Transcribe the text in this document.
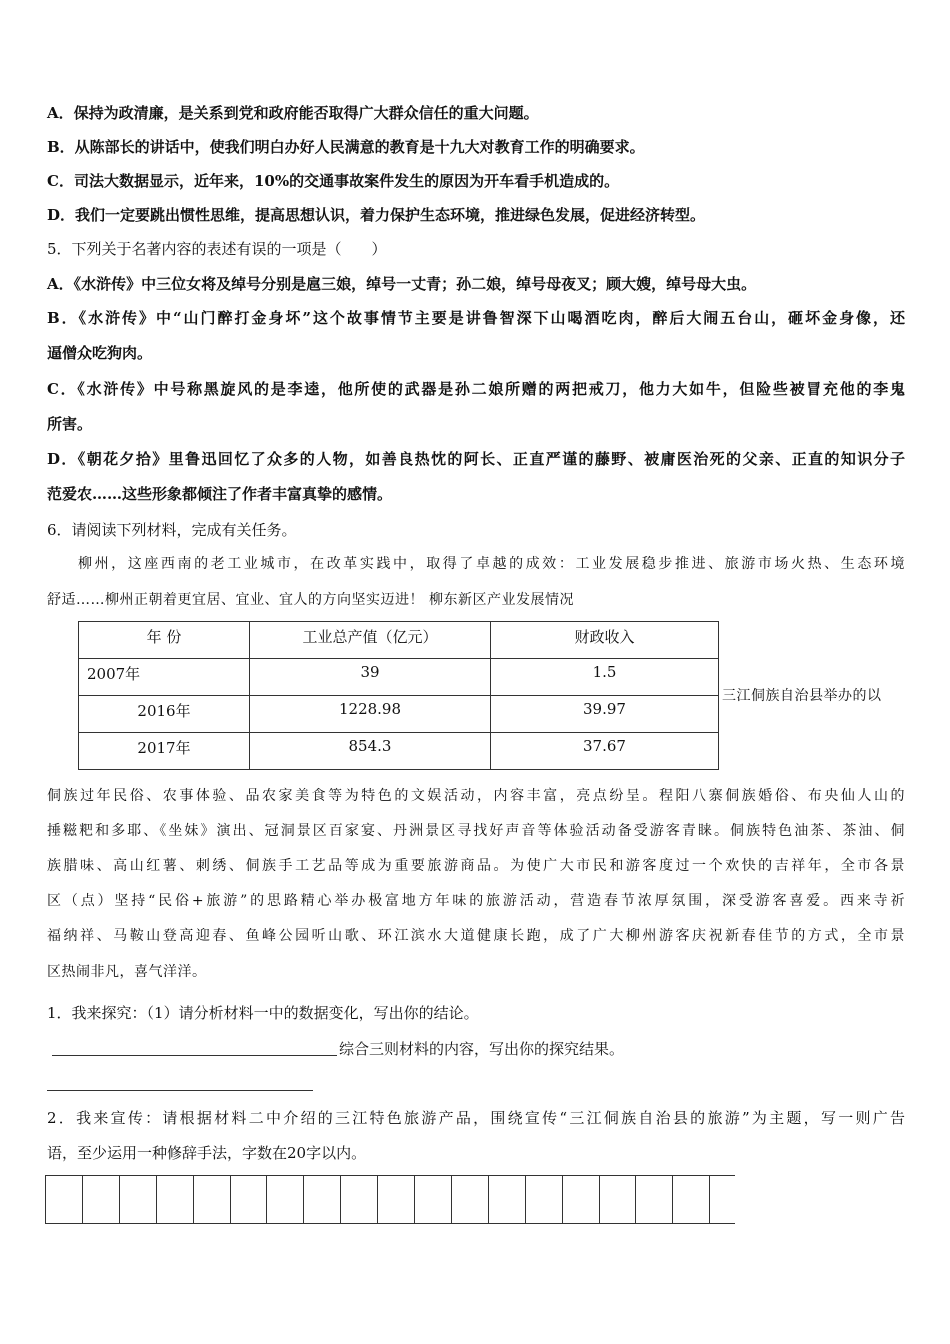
A．保持为政清廉，是关系到党和政府能否取得广大群众信任的重大问题。
B．从陈部长的讲话中，使我们明白办好人民满意的教育是十九大对教育工作的明确要求。
C．司法大数据显示，近年来，10%的交通事故案件发生的原因为开车看手机造成的。
D．我们一定要跳出惯性思维，提高思想认识，着力保护生态环境，推进绿色发展，促进经济转型。
5．下列关于名著内容的表述有误的一项是（　　）
A．《水浒传》中三位女将及绰号分别是扈三娘，绰号一丈青；孙二娘，绰号母夜叉；顾大嫂，绰号母大虫。
B．《水浒传》中“山门醉打金身坏”这个故事情节主要是讲鲁智深下山喝酒吃肉，醉后大闹五台山，砸坏金身像，还
逼僧众吃狗肉。
C．《水浒传》中号称黑旋风的是李逵，他所使的武器是孙二娘所赠的两把戒刀，他力大如牛，但险些被冒充他的李鬼
所害。
D．《朝花夕拾》里鲁迅回忆了众多的人物，如善良热忱的阿长、正直严谨的藤野、被庸医治死的父亲、正直的知识分子
范爱农……这些形象都倾注了作者丰富真挚的感情。
6．请阅读下列材料，完成有关任务。
柳州，这座西南的老工业城市，在改革实践中，取得了卓越的成效：工业发展稳步推进、旅游市场火热、生态环境
舒适……柳州正朝着更宜居、宜业、宜人的方向坚实迈进！ 柳东新区产业发展情况
年 份	工业总产值（亿元）	财政收入
2007年	39	1.5
2016年	1228.98	39.97
2017年	854.3	37.67
三江侗族自治县举办的以
侗族过年民俗、农事体验、品农家美食等为特色的文娱活动，内容丰富，亮点纷呈。程阳八寨侗族婚俗、布央仙人山的
捶糍粑和多耶、《坐妹》演出、冠洞景区百家宴、丹洲景区寻找好声音等体验活动备受游客青睐。侗族特色油茶、茶油、侗
族腊味、高山红薯、刺绣、侗族手工艺品等成为重要旅游商品。为使广大市民和游客度过一个欢快的吉祥年，全市各景
区（点）坚持“民俗+旅游”的思路精心举办极富地方年味的旅游活动，营造春节浓厚氛围，深受游客喜爱。西来寺祈
福纳祥、马鞍山登高迎春、鱼峰公园听山歌、环江滨水大道健康长跑，成了广大柳州游客庆祝新春佳节的方式，全市景
区热闹非凡，喜气洋洋。
1．我来探究：（1）请分析材料一中的数据变化，写出你的结论。
综合三则材料的内容，写出你的探究结果。
2．我来宣传：请根据材料二中介绍的三江特色旅游产品，围绕宣传“三江侗族自治县的旅游”为主题，写一则广告
语，至少运用一种修辞手法，字数在20字以内。
